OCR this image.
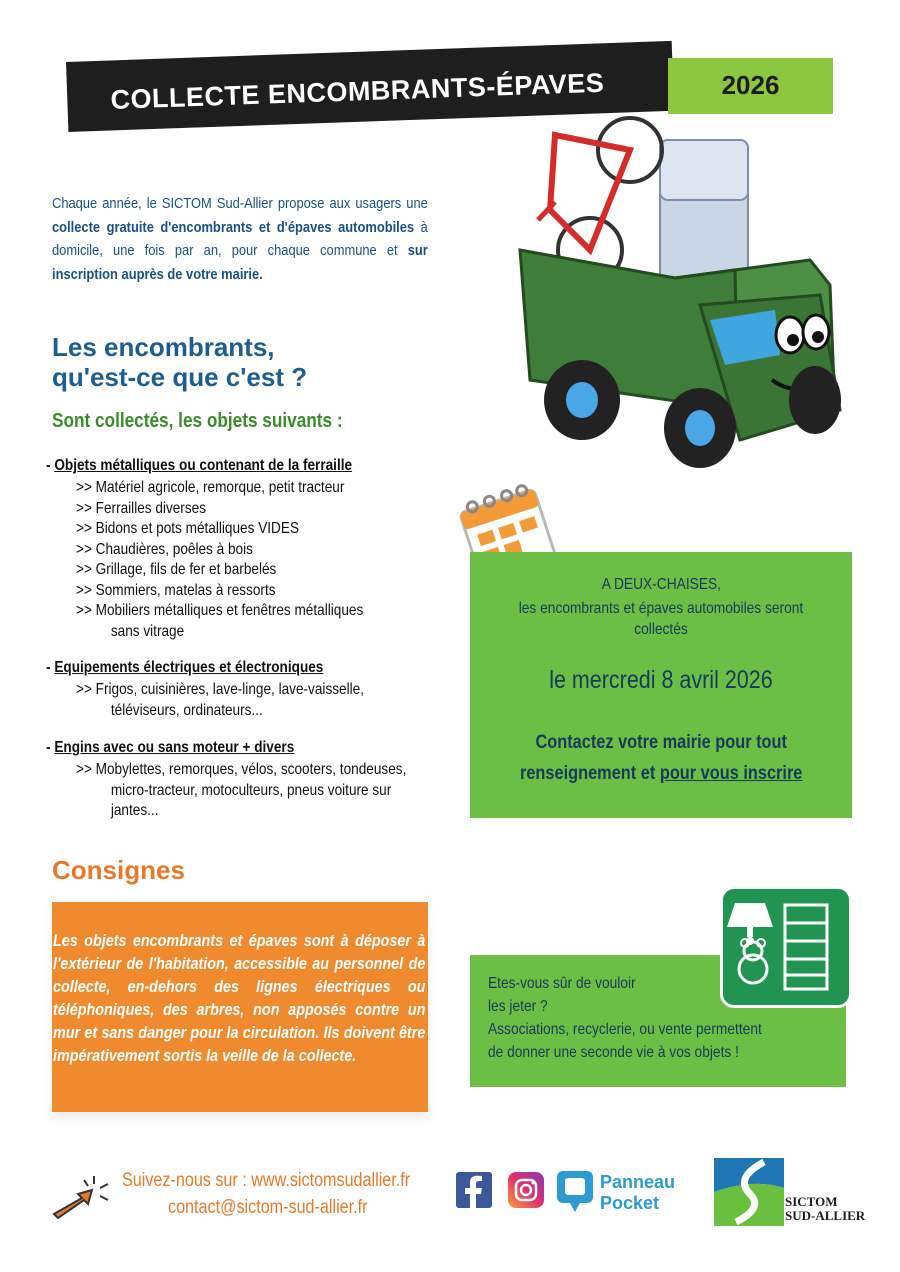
COLLECTE ENCOMBRANTS-ÉPAVES	2026
Chaque année, le SICTOM Sud-Allier propose aux usagers une collecte gratuite d'encombrants et d'épaves automobiles à domicile, une fois par an, pour chaque commune et sur inscription auprès de votre mairie.
Les encombrants,
qu'est-ce que c'est ?
Sont collectés, les objets suivants :
- Objets métalliques ou contenant de la ferraille
>> Matériel agricole, remorque, petit tracteur
>> Ferrailles diverses
>> Bidons et pots métalliques VIDES
>> Chaudières, poêles à bois
>> Grillage, fils de fer et barbelés
>> Sommiers, matelas à ressorts
>> Mobiliers métalliques et fenêtres métalliques
sans vitrage
- Equipements électriques et électroniques
>> Frigos, cuisinières, lave-linge, lave-vaisselle,
téléviseurs, ordinateurs...
- Engins avec ou sans moteur + divers
>> Mobylettes, remorques, vélos, scooters, tondeuses,
micro-tracteur, motoculteurs, pneus voiture sur
jantes...
Consignes
Les objets encombrants et épaves sont à déposer à l'extérieur de l'habitation, accessible au personnel de collecte, en-dehors des lignes électriques ou téléphoniques, des arbres, non apposés contre un mur et sans danger pour la circulation. Ils doivent être impérativement sortis la veille de la collecte.
A DEUX-CHAISES,
les encombrants et épaves automobiles seront collectés
le mercredi 8 avril 2026
Contactez votre mairie pour tout
renseignement et pour vous inscrire
Etes-vous sûr de vouloir
les jeter ?
Associations, recyclerie, ou vente permettent
de donner une seconde vie à vos objets !
Suivez-nous sur : www.sictomsudallier.fr
contact@sictom-sud-allier.fr
Panneau
Pocket	SICTOM
SUD-ALLIER
